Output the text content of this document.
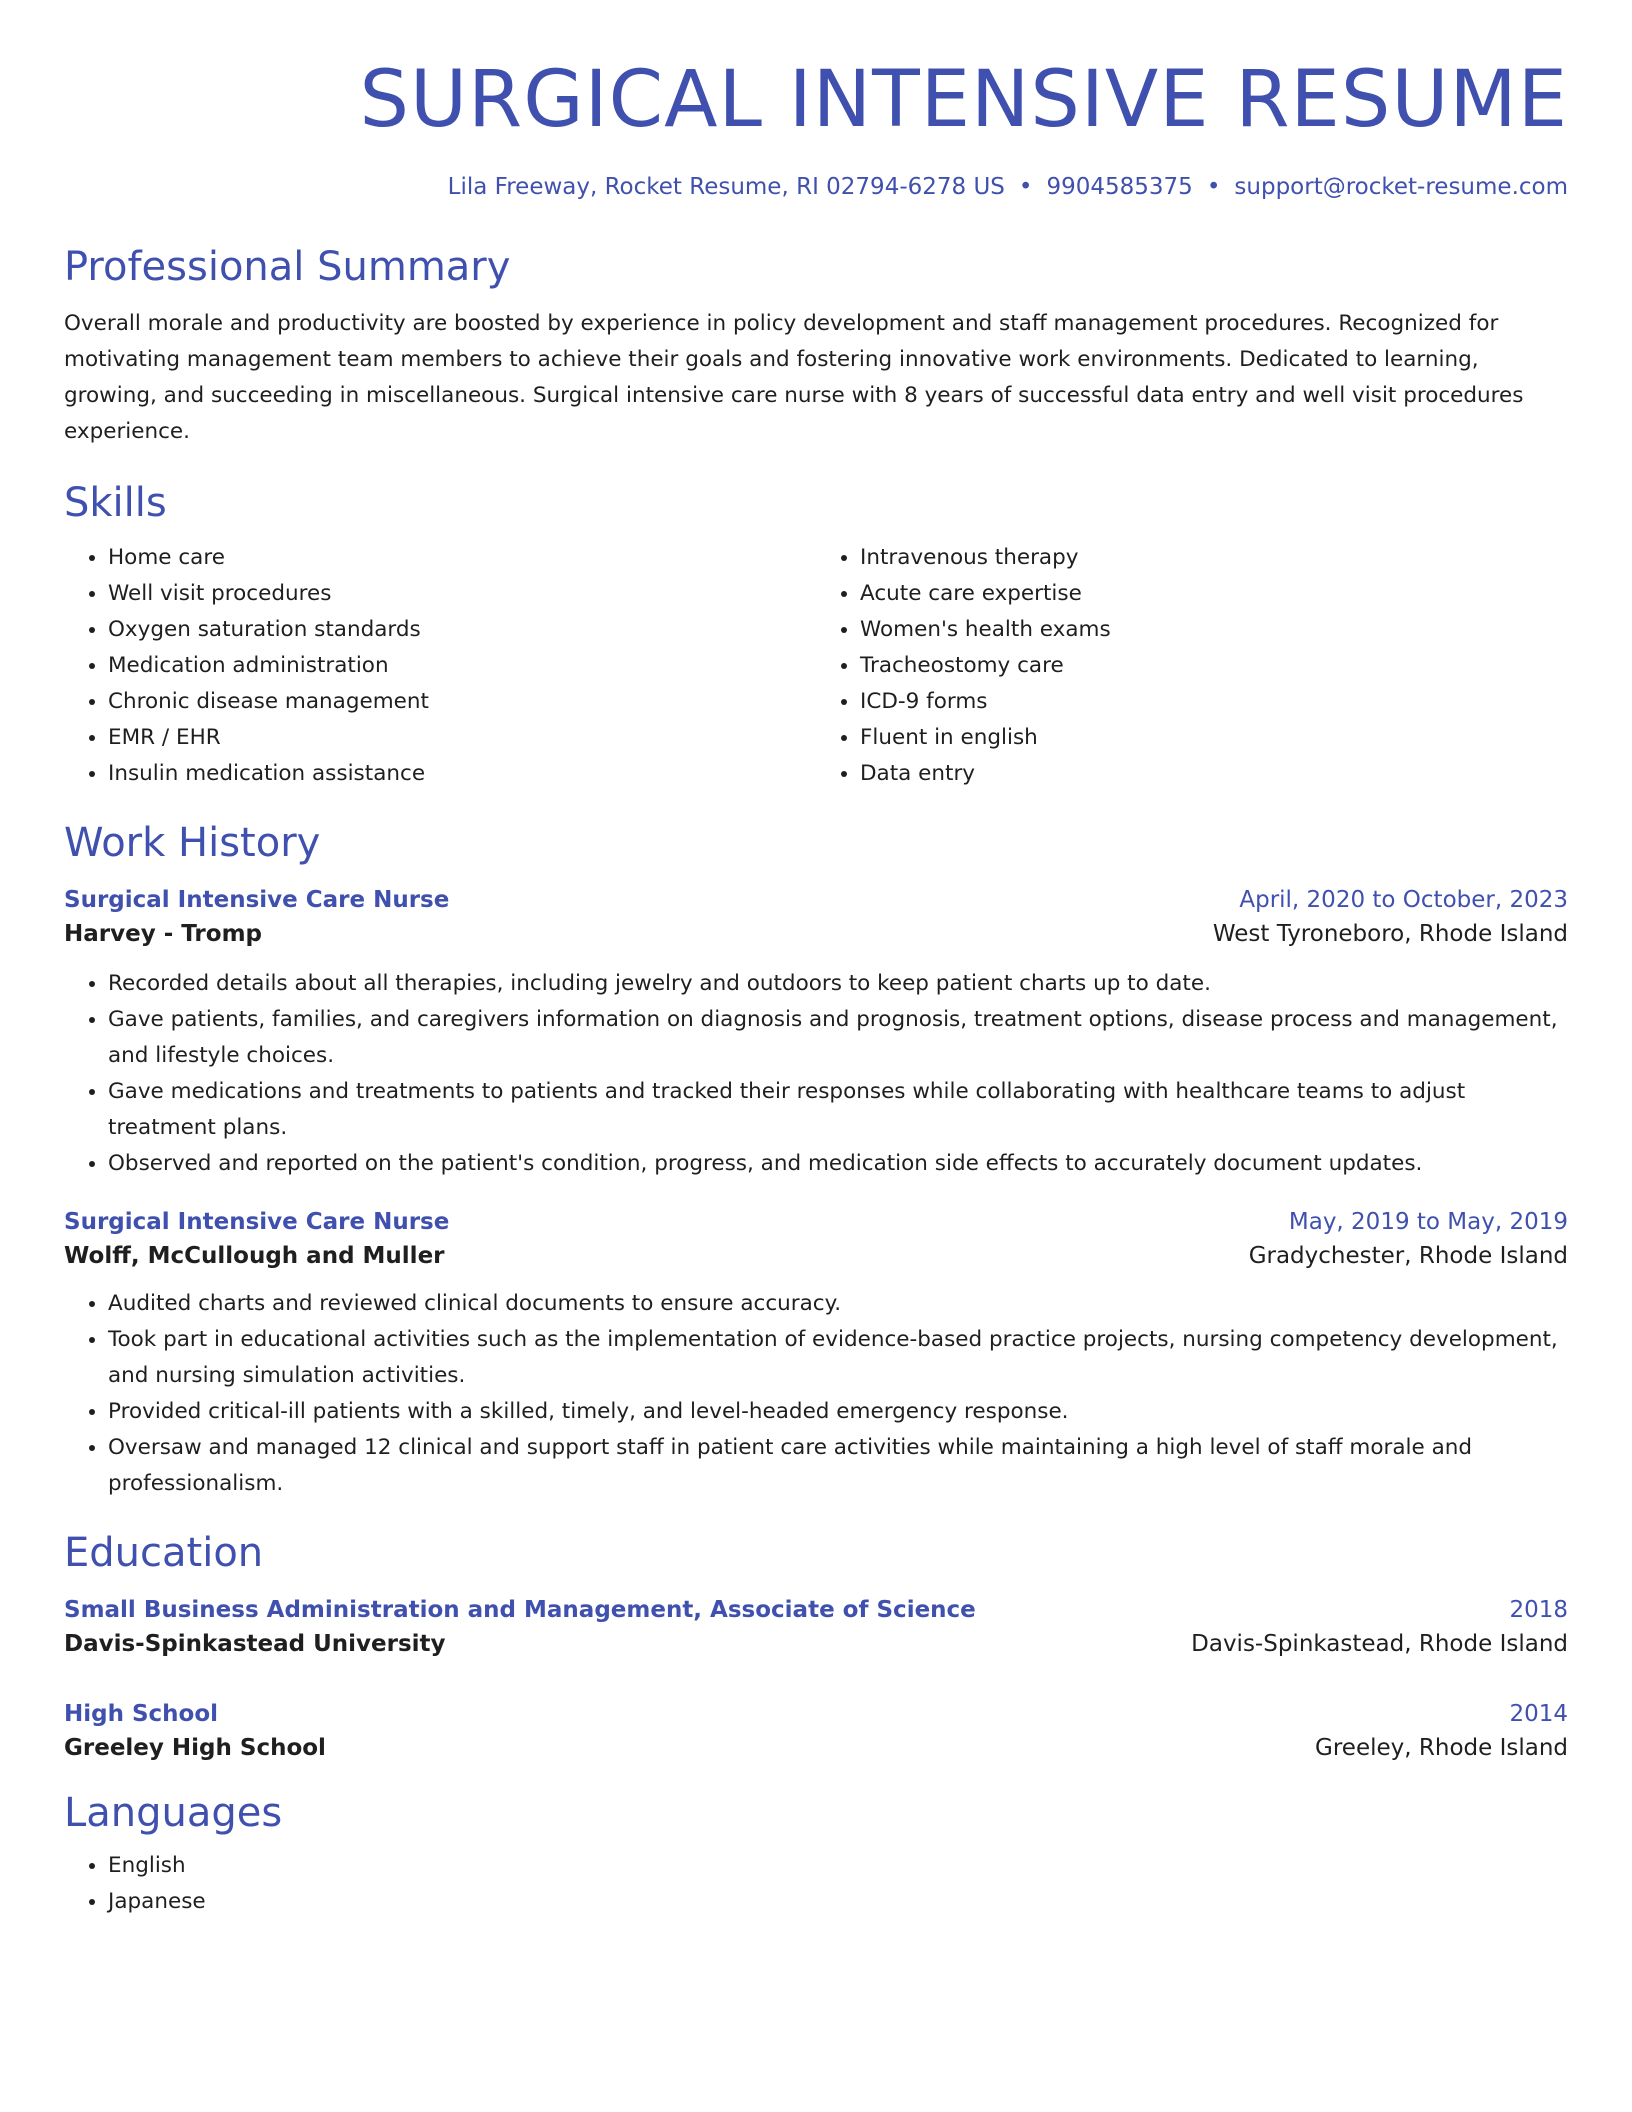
SURGICAL INTENSIVE RESUME
Lila Freeway, Rocket Resume, RI 02794-6278 US • 9904585375 • support@rocket-resume.com
Professional Summary

Overall morale and productivity are boosted by experience in policy development and staff management procedures. Recognized for motivating management team members to achieve their goals and fostering innovative work environments. Dedicated to learning, growing, and succeeding in miscellaneous. Surgical intensive care nurse with 8 years of successful data entry and well visit procedures experience.

Skills
• Home care
• Well visit procedures
• Oxygen saturation standards
• Medication administration
• Chronic disease management
• EMR / EHR
• Insulin medication assistance
• Intravenous therapy
• Acute care expertise
• Women's health exams
• Tracheostomy care
• ICD-9 forms
• Fluent in english
• Data entry
Work History
Surgical Intensive Care Nurse	April, 2020 to October, 2023
Harvey - Tromp	West Tyroneboro, Rhode Island
• Recorded details about all therapies, including jewelry and outdoors to keep patient charts up to date.
• Gave patients, families, and caregivers information on diagnosis and prognosis, treatment options, disease process and management, and lifestyle choices.
• Gave medications and treatments to patients and tracked their responses while collaborating with healthcare teams to adjust treatment plans.
• Observed and reported on the patient's condition, progress, and medication side effects to accurately document updates.
Surgical Intensive Care Nurse	May, 2019 to May, 2019
Wolff, McCullough and Muller	Gradychester, Rhode Island
• Audited charts and reviewed clinical documents to ensure accuracy.
• Took part in educational activities such as the implementation of evidence-based practice projects, nursing competency development, and nursing simulation activities.
• Provided critical-ill patients with a skilled, timely, and level-headed emergency response.
• Oversaw and managed 12 clinical and support staff in patient care activities while maintaining a high level of staff morale and professionalism.
Education
Small Business Administration and Management, Associate of Science	2018
Davis-Spinkastead University	Davis-Spinkastead, Rhode Island
High School	2014
Greeley High School	Greeley, Rhode Island
Languages
• English
• Japanese
